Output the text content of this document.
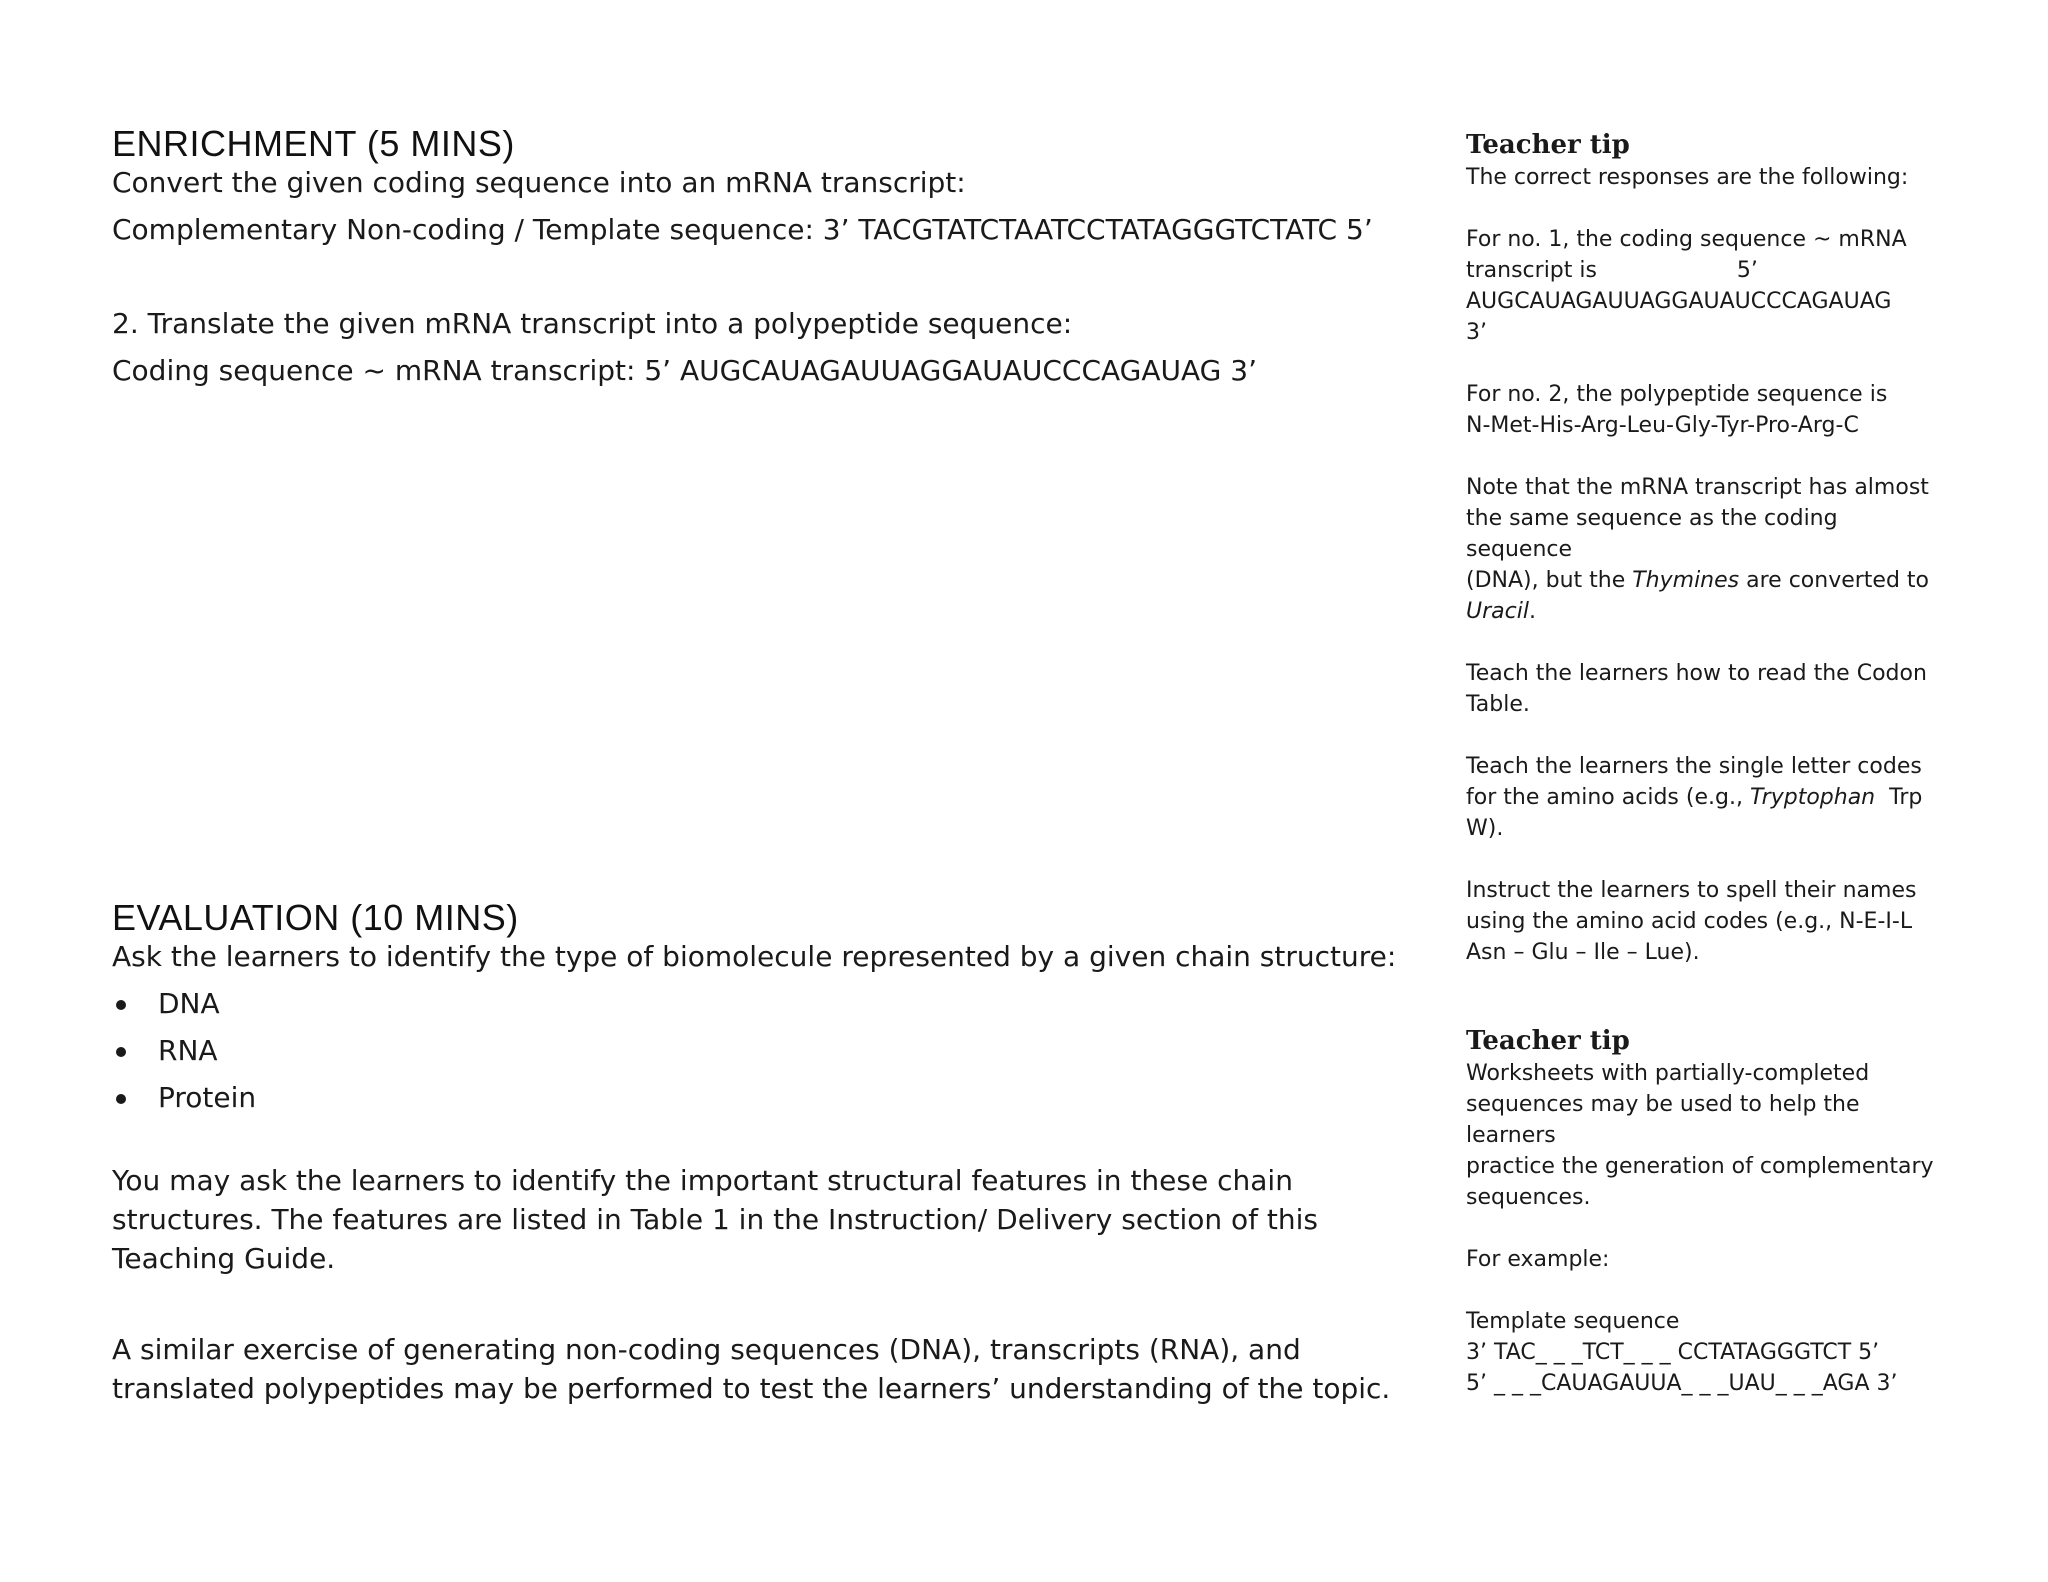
ENRICHMENT (5 MINS)

Convert the given coding sequence into an mRNA transcript:

Complementary Non-coding / Template sequence: 3’ TACGTATCTAATCCTATAGGGTCTATC 5’

2. Translate the given mRNA transcript into a polypeptide sequence:

Coding sequence ~ mRNA transcript: 5’ AUGCAUAGAUUAGGAUAUCCCAGAUAG 3’

EVALUATION (10 MINS)

Ask the learners to identify the type of biomolecule represented by a given chain structure:

DNA
RNA
Protein

You may ask the learners to identify the important structural features in these chain structures. The features are listed in Table 1 in the Instruction/ Delivery section of this Teaching Guide.

A similar exercise of generating non-coding sequences (DNA), transcripts (RNA), and translated polypeptides may be performed to test the learners’ understanding of the topic.

Teacher tip

The correct responses are the following:

For no. 1, the coding sequence ~ mRNA

transcript is                    5’

AUGCAUAGAUUAGGAUAUCCCAGAUAG

3’

For no. 2, the polypeptide sequence is

N-Met-His-Arg-Leu-Gly-Tyr-Pro-Arg-C

Note that the mRNA transcript has almost

the same sequence as the coding sequence

(DNA), but the Thymines are converted to

Uracil.

Teach the learners how to read the Codon

Table.

Teach the learners the single letter codes

for the amino acids (e.g., Tryptophan  Trp

W).

Instruct the learners to spell their names

using the amino acid codes (e.g., N-E-I-L

Asn – Glu – Ile – Lue).

Teacher tip

Worksheets with partially-completed

sequences may be used to help the learners

practice the generation of complementary

sequences.

For example:

Template sequence

3’ TAC_ _ _TCT_ _ _ CCTATAGGGTCT 5’

5’ _ _ _CAUAGAUUA_ _ _UAU_ _ _AGA 3’
